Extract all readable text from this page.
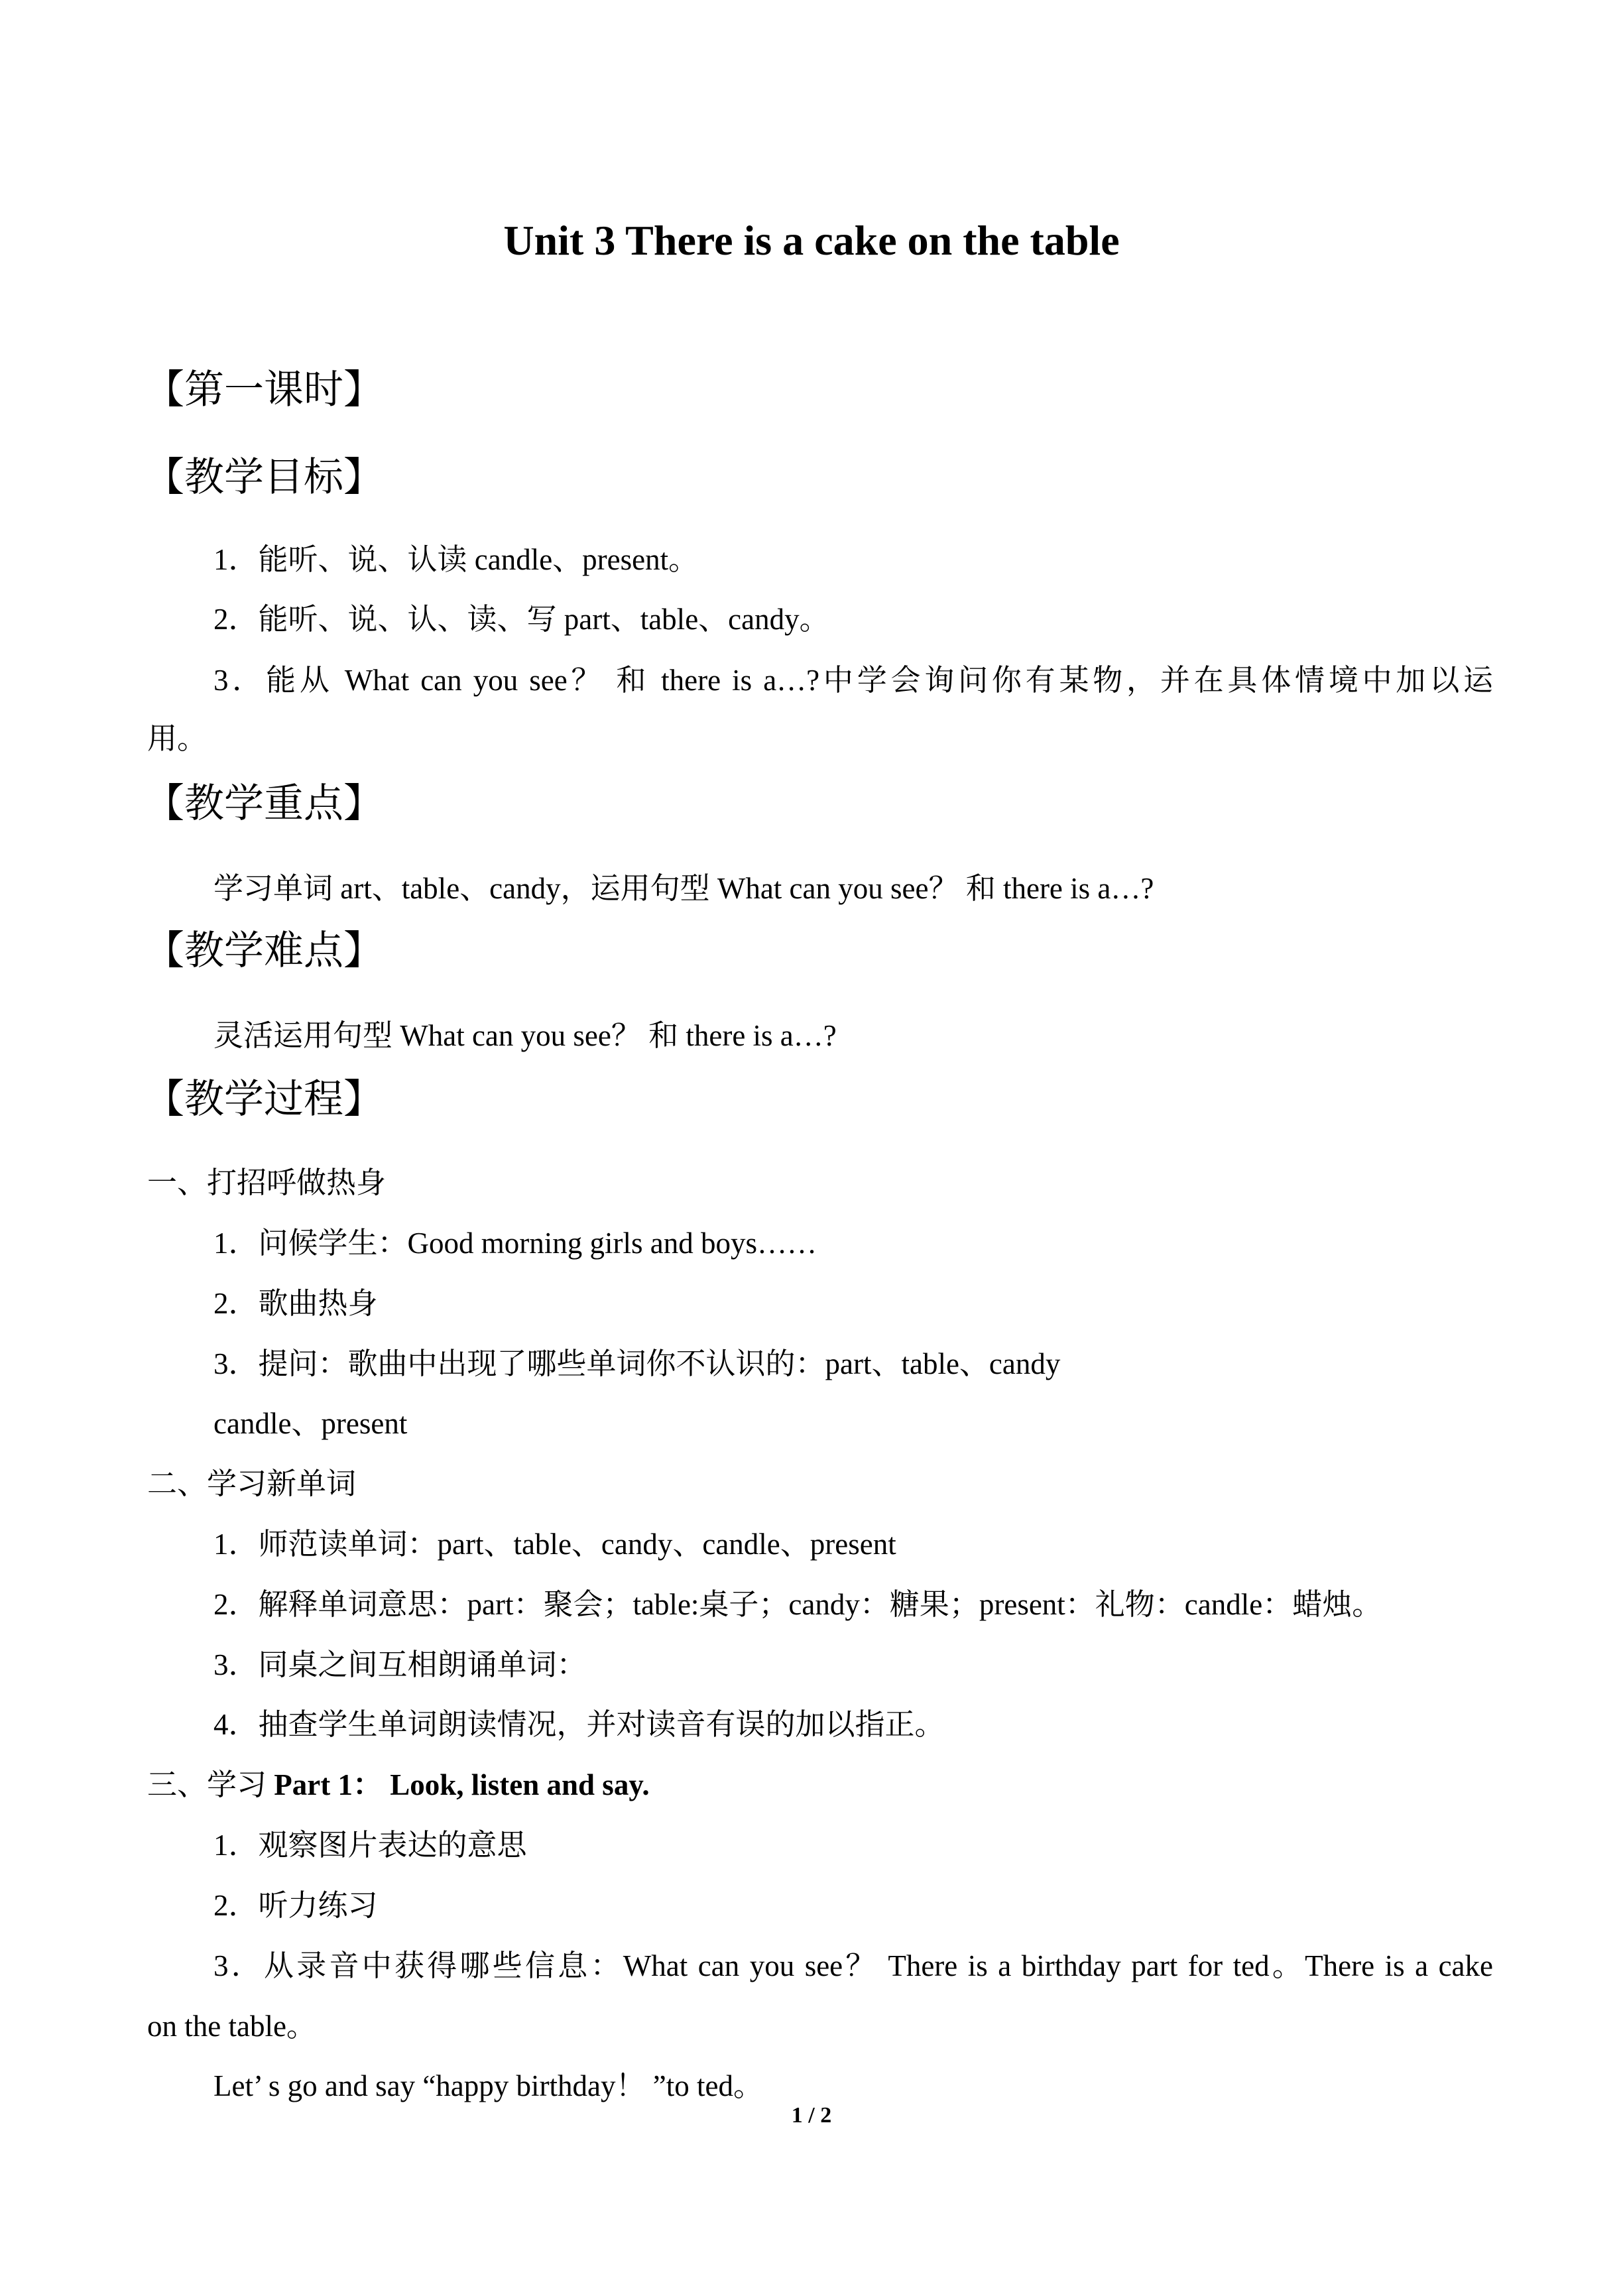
Unit 3 There is a cake on the table
【第一课时】
【教学目标】
1．能听、说、认读 candle、present。
2．能听、说、认、读、写 part、table、candy。
3．能从 What can you see？ 和 there is a…?中学会询问你有某物，并在具体情境中加以运
用。
【教学重点】
学习单词 art、table、candy，运用句型 What can you see？ 和 there is a…?
【教学难点】
灵活运用句型 What can you see？ 和 there is a…?
【教学过程】
一、打招呼做热身
1．问候学生：Good morning girls and boys……
2．歌曲热身
3．提问：歌曲中出现了哪些单词你不认识的：part、table、candy
candle、present
二、学习新单词
1．师范读单词：part、table、candy、candle、present
2．解释单词意思：part：聚会；table:桌子；candy：糖果；present：礼物：candle：蜡烛。
3．同桌之间互相朗诵单词：
4．抽查学生单词朗读情况，并对读音有误的加以指正。
三、学习 Part 1： Look, listen and say.
1．观察图片表达的意思
2．听力练习
3．从录音中获得哪些信息：What can you see？ There is a birthday part for ted。There is a cake
on the table。
Let’ s go and say “happy birthday！ ”to ted。
1 / 2
